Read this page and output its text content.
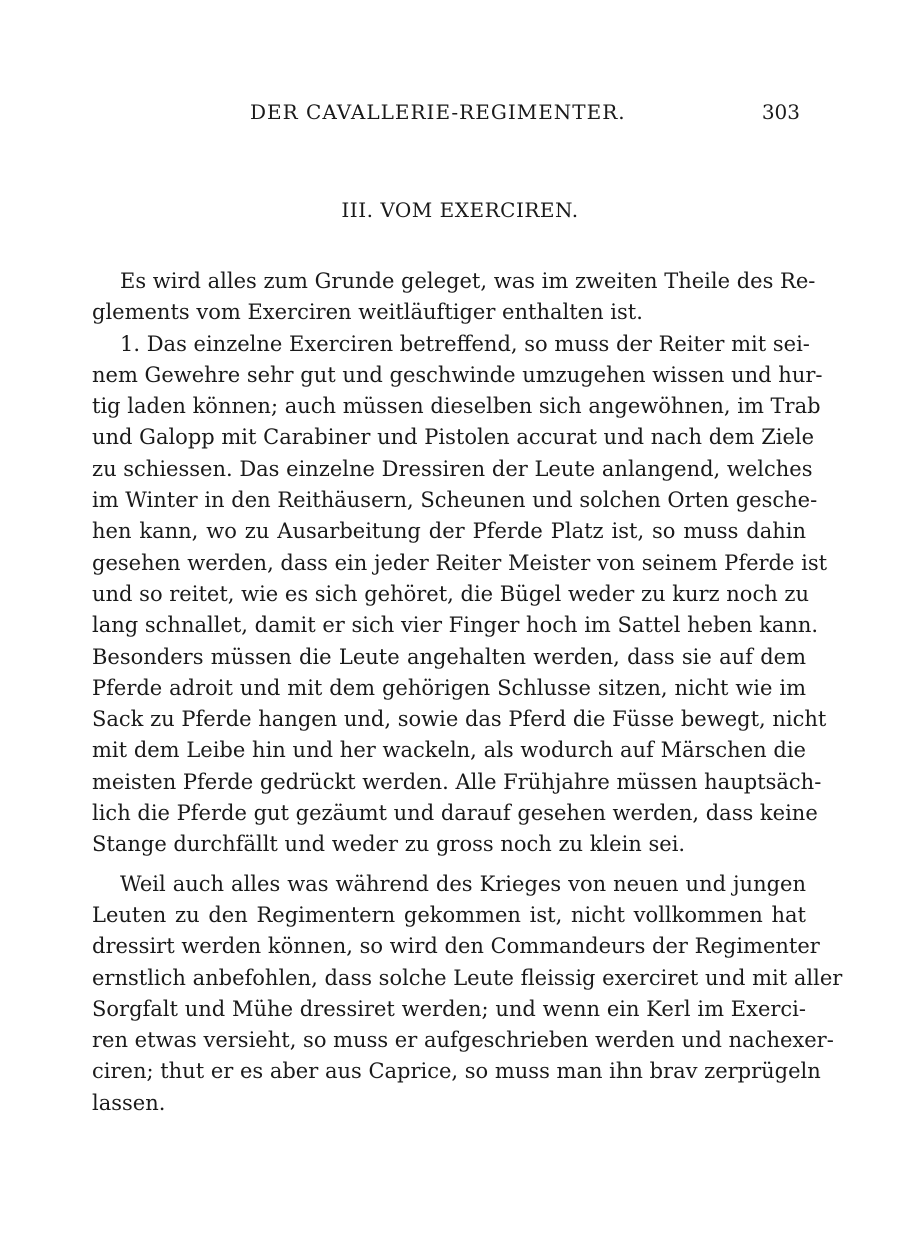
DER CAVALLERIE-REGIMENTER.	303
III. VOM EXERCIREN.
Es wird alles zum Grunde geleget, was im zweiten Theile des Re-
glements vom Exerciren weitläuftiger enthalten ist.
1. Das einzelne Exerciren betreffend, so muss der Reiter mit sei-
nem Gewehre sehr gut und geschwinde umzugehen wissen und hur-
tig laden können; auch müssen dieselben sich angewöhnen, im Trab
und Galopp mit Carabiner und Pistolen accurat und nach dem Ziele
zu schiessen. Das einzelne Dressiren der Leute anlangend, welches
im Winter in den Reithäusern, Scheunen und solchen Orten gesche-
hen kann, wo zu Ausarbeitung der Pferde Platz ist, so muss dahin
gesehen werden, dass ein jeder Reiter Meister von seinem Pferde ist
und so reitet, wie es sich gehöret, die Bügel weder zu kurz noch zu
lang schnallet, damit er sich vier Finger hoch im Sattel heben kann.
Besonders müssen die Leute angehalten werden, dass sie auf dem
Pferde adroit und mit dem gehörigen Schlusse sitzen, nicht wie im
Sack zu Pferde hangen und, sowie das Pferd die Füsse bewegt, nicht
mit dem Leibe hin und her wackeln, als wodurch auf Märschen die
meisten Pferde gedrückt werden. Alle Frühjahre müssen hauptsäch-
lich die Pferde gut gezäumt und darauf gesehen werden, dass keine
Stange durchfällt und weder zu gross noch zu klein sei.
Weil auch alles was während des Krieges von neuen und jungen
Leuten zu den Regimentern gekommen ist, nicht vollkommen hat
dressirt werden können, so wird den Commandeurs der Regimenter
ernstlich anbefohlen, dass solche Leute fleissig exerciret und mit aller
Sorgfalt und Mühe dressiret werden; und wenn ein Kerl im Exerci-
ren etwas versieht, so muss er aufgeschrieben werden und nachexer-
ciren; thut er es aber aus Caprice, so muss man ihn brav zerprügeln
lassen.
